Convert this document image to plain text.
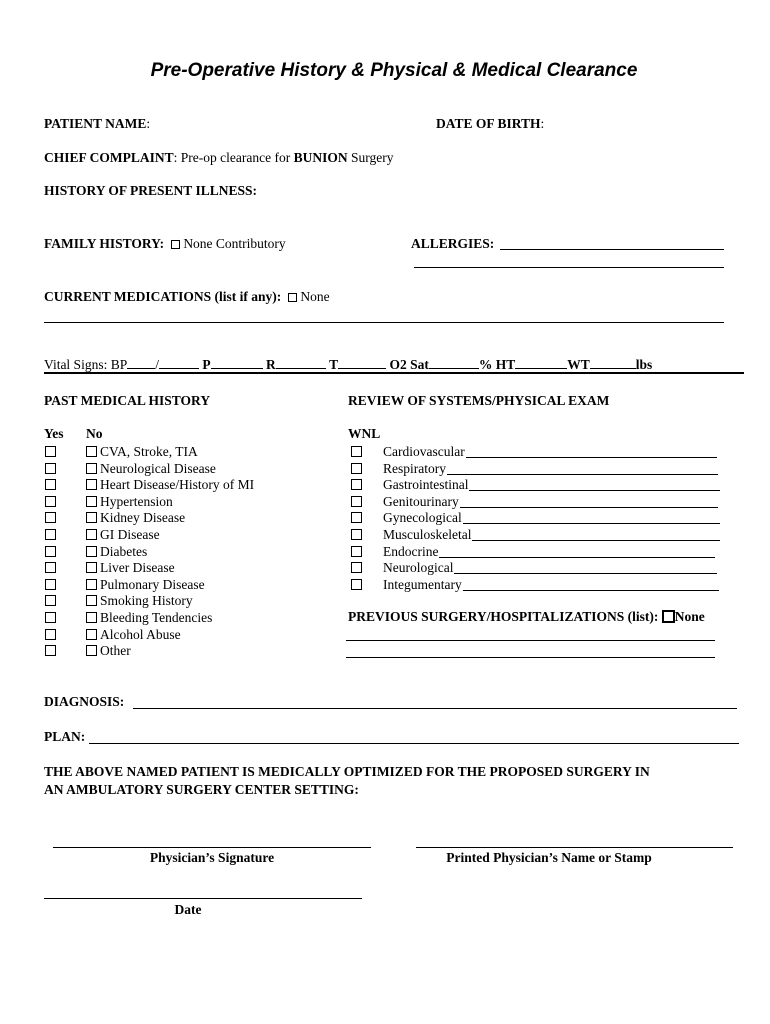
Pre-Operative History & Physical & Medical Clearance
PATIENT NAME:	DATE OF BIRTH:
CHIEF COMPLAINT: Pre-op clearance for BUNION Surgery
HISTORY OF PRESENT ILLNESS:
FAMILY HISTORY: None Contributory	ALLERGIES:
CURRENT MEDICATIONS (list if any): None
Vital Signs: BP /	P	R	T	O2 Sat	% HT	WT	lbs
PAST MEDICAL HISTORY	REVIEW OF SYSTEMS/PHYSICAL EXAM
Yes No	WNL
CVA, Stroke, TIA
Neurological Disease
Heart Disease/History of MI
Hypertension
Kidney Disease
GI Disease
Diabetes
Liver Disease
Pulmonary Disease
Smoking History
Bleeding Tendencies
Alcohol Abuse
Other
Cardiovascular
Respiratory
Gastrointestinal
Genitourinary
Gynecological
Musculoskeletal
Endocrine
Neurological
Integumentary
PREVIOUS SURGERY/HOSPITALIZATIONS (list): None
DIAGNOSIS:
PLAN:
THE ABOVE NAMED PATIENT IS MEDICALLY OPTIMIZED FOR THE PROPOSED SURGERY IN
AN AMBULATORY SURGERY CENTER SETTING:
Physician’s Signature	Printed Physician’s Name or Stamp
Date
